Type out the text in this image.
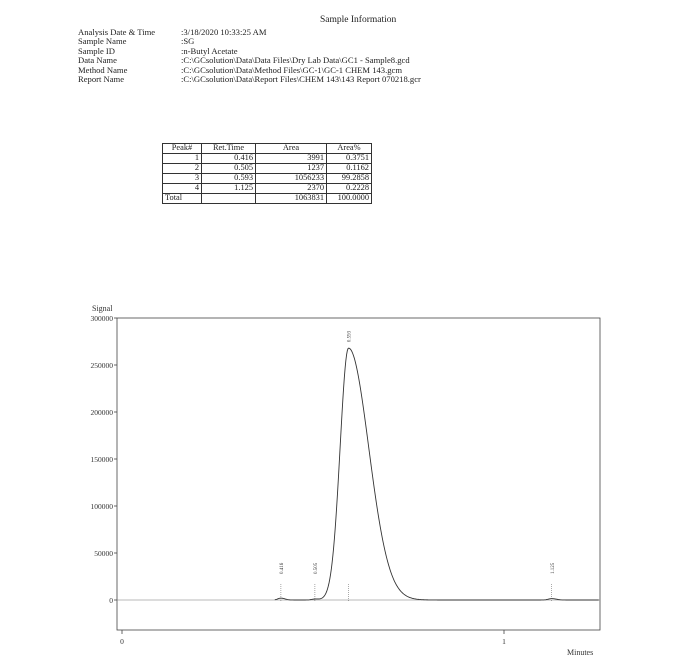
Sample Information
Analysis Date & Time	:3/18/2020 10:33:25 AM
Sample Name	:SG
Sample ID	:n-Butyl Acetate
Data Name	:C:\GCsolution\Data\Data Files\Dry Lab Data\GC1 - Sample8.gcd
Method Name	:C:\GCsolution\Data\Method Files\GC-1\GC-1 CHEM 143.gcm
Report Name	:C:\GCsolution\Data\Report Files\CHEM 143\143 Report 070218.gcr
Peak#	Ret.Time	Area	Area%
1	0.416	3991	0.3751
2	0.505	1237	0.1162
3	0.593	1056233	99.2858
4	1.125	2370	0.2228
Total		1063831	100.0000
Signal
Minutes
300000
250000
200000
150000
100000
50000
0
0	1
0.416	0.505
0.593
1.125
